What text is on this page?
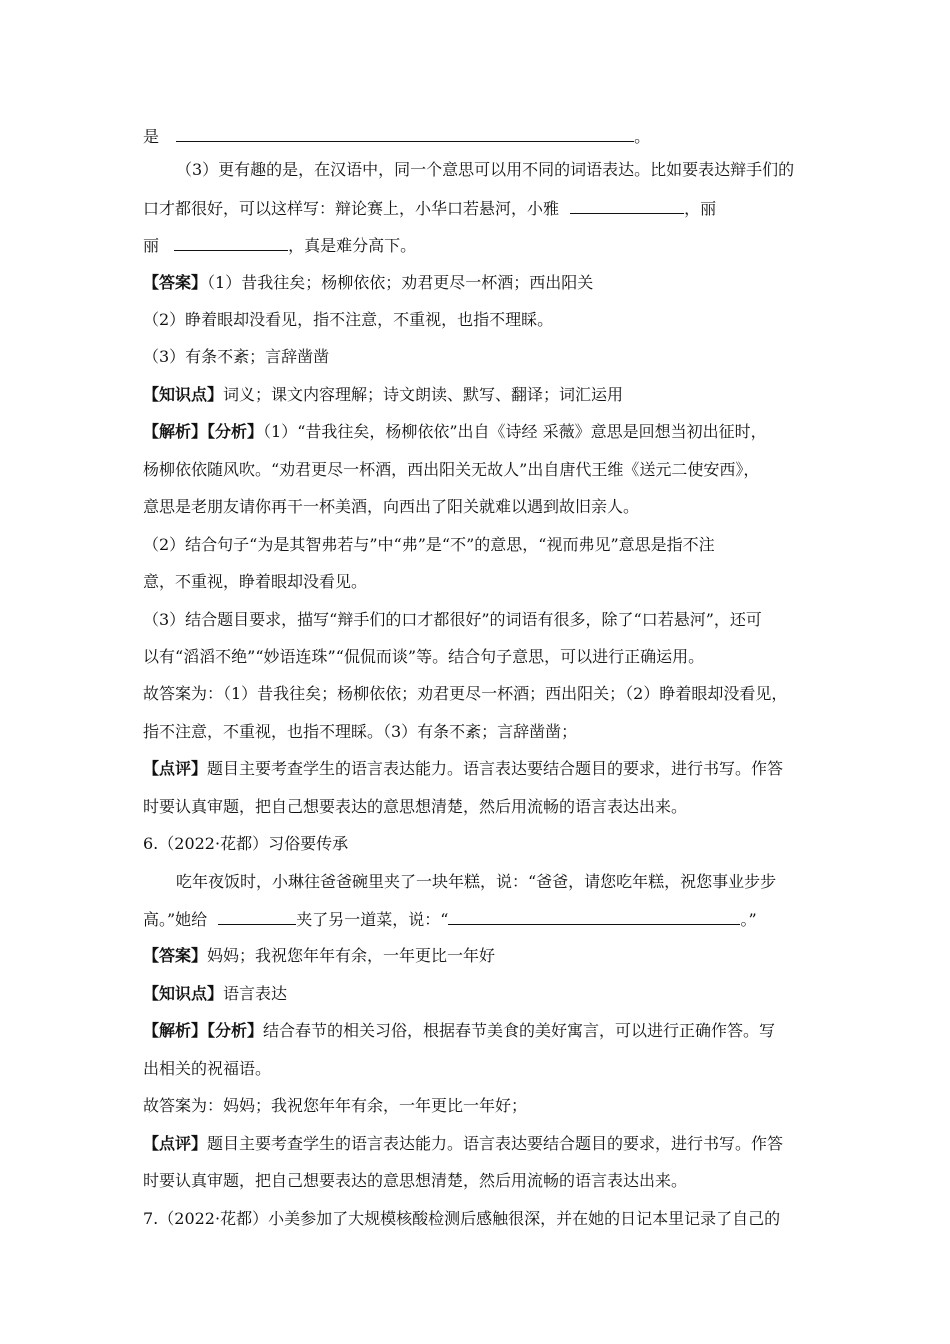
是	。
（3）更有趣的是，在汉语中，同一个意思可以用不同的词语表达。比如要表达辩手们的
口才都很好，可以这样写：辩论赛上，小华口若悬河，小雅	，丽
丽	，真是难分高下。
【答案】（1）昔我往矣；杨柳依依；劝君更尽一杯酒；西出阳关
（2）睁着眼却没看见，指不注意，不重视，也指不理睬。
（3）有条不紊；言辞凿凿
【知识点】词义；课文内容理解；诗文朗读、默写、翻译；词汇运用
【解析】【分析】（1）“昔我往矣，杨柳依依”出自《诗经 采薇》意思是回想当初出征时，
杨柳依依随风吹。“劝君更尽一杯酒，西出阳关无故人”出自唐代王维《送元二使安西》，
意思是老朋友请你再干一杯美酒，向西出了阳关就难以遇到故旧亲人。
（2）结合句子“为是其智弗若与”中“弗”是“不”的意思，“视而弗见”意思是指不注
意，不重视，睁着眼却没看见。
（3）结合题目要求，描写“辩手们的口才都很好”的词语有很多，除了“口若悬河”，还可
以有“滔滔不绝”“妙语连珠”“侃侃而谈”等。结合句子意思，可以进行正确运用。
故答案为：（1）昔我往矣；杨柳依依；劝君更尽一杯酒；西出阳关；（2）睁着眼却没看见，
指不注意，不重视，也指不理睬。（3）有条不紊；言辞凿凿；
【点评】题目主要考查学生的语言表达能力。语言表达要结合题目的要求，进行书写。作答
时要认真审题，把自己想要表达的意思想清楚，然后用流畅的语言表达出来。
6.（2022·花都）习俗要传承
吃年夜饭时，小琳往爸爸碗里夹了一块年糕，说：“爸爸，请您吃年糕，祝您事业步步
高。”她给	夹了另一道菜，说：“	。”
【答案】妈妈；我祝您年年有余，一年更比一年好
【知识点】语言表达
【解析】【分析】结合春节的相关习俗，根据春节美食的美好寓言，可以进行正确作答。写
出相关的祝福语。
故答案为：妈妈；我祝您年年有余，一年更比一年好；
【点评】题目主要考查学生的语言表达能力。语言表达要结合题目的要求，进行书写。作答
时要认真审题，把自己想要表达的意思想清楚，然后用流畅的语言表达出来。
7.（2022·花都）小美参加了大规模核酸检测后感触很深，并在她的日记本里记录了自己的
